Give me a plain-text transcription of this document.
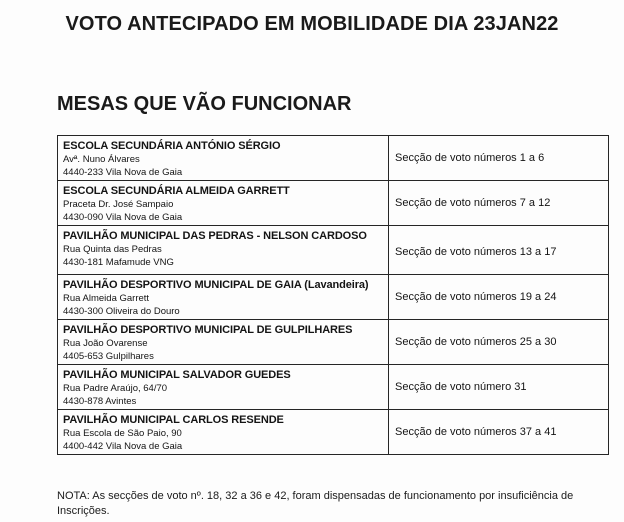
VOTO ANTECIPADO EM MOBILIDADE DIA 23JAN22
MESAS QUE VÃO FUNCIONAR
ESCOLA SECUNDÁRIA ANTÓNIO SÉRGIO
Avª. Nuno Álvares
4440-233 Vila Nova de Gaia	Secção de voto números 1 a 6

ESCOLA SECUNDÁRIA ALMEIDA GARRETT
Praceta Dr. José Sampaio
4430-090 Vila Nova de Gaia	Secção de voto números 7 a 12

PAVILHÃO MUNICIPAL DAS PEDRAS - NELSON CARDOSO
Rua Quinta das Pedras
4430-181 Mafamude VNG	Secção de voto números 13 a 17

PAVILHÃO DESPORTIVO MUNICIPAL DE GAIA (Lavandeira)
Rua Almeida Garrett
4430-300 Oliveira do Douro	Secção de voto números 19 a 24

PAVILHÃO DESPORTIVO MUNICIPAL DE GULPILHARES
Rua João Ovarense
4405-653 Gulpilhares	Secção de voto números 25 a 30

PAVILHÃO MUNICIPAL SALVADOR GUEDES
Rua Padre Araújo, 64/70
4430-878 Avintes	Secção de voto número 31

PAVILHÃO MUNICIPAL CARLOS RESENDE
Rua Escola de São Paio, 90
4400-442 Vila Nova de Gaia	Secção de voto números 37 a 41
NOTA: As secções de voto nº. 18, 32 a 36 e 42, foram dispensadas de funcionamento por insuficiência de Inscrições.
